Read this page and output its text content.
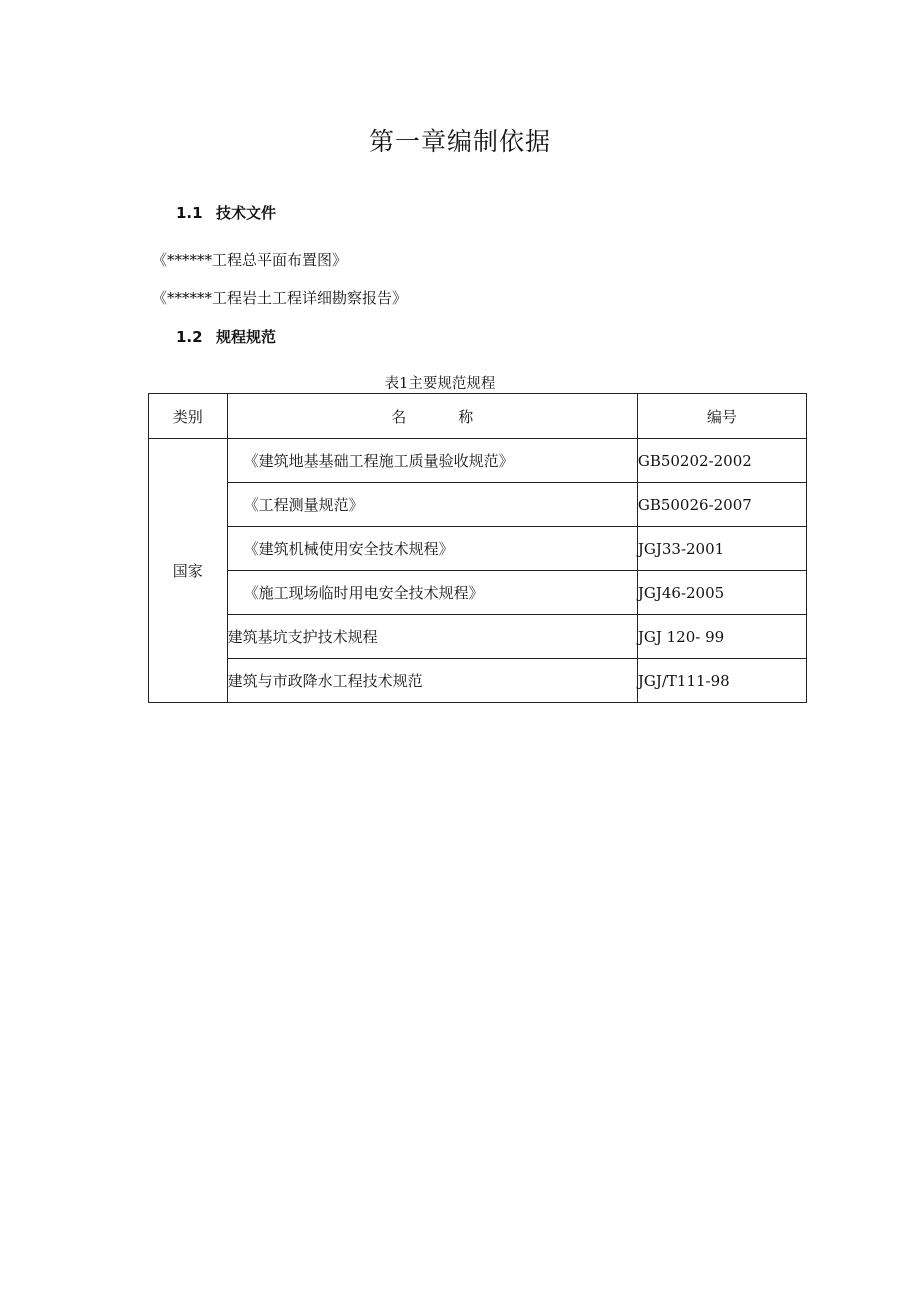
第一章编制依据
1.1 技术文件
《******工程总平面布置图》
《******工程岩土工程详细勘察报告》
1.2 规程规范
表1主要规范规程
类别	名 称	编号
国家	《建筑地基基础工程施工质量验收规范》	GB50202-2002
	《工程测量规范》	GB50026-2007
	《建筑机械使用安全技术规程》	JGJ33-2001
	《施工现场临时用电安全技术规程》	JGJ46-2005
	建筑基坑支护技术规程	JGJ 120- 99
	建筑与市政降水工程技术规范	JGJ/T111-98
